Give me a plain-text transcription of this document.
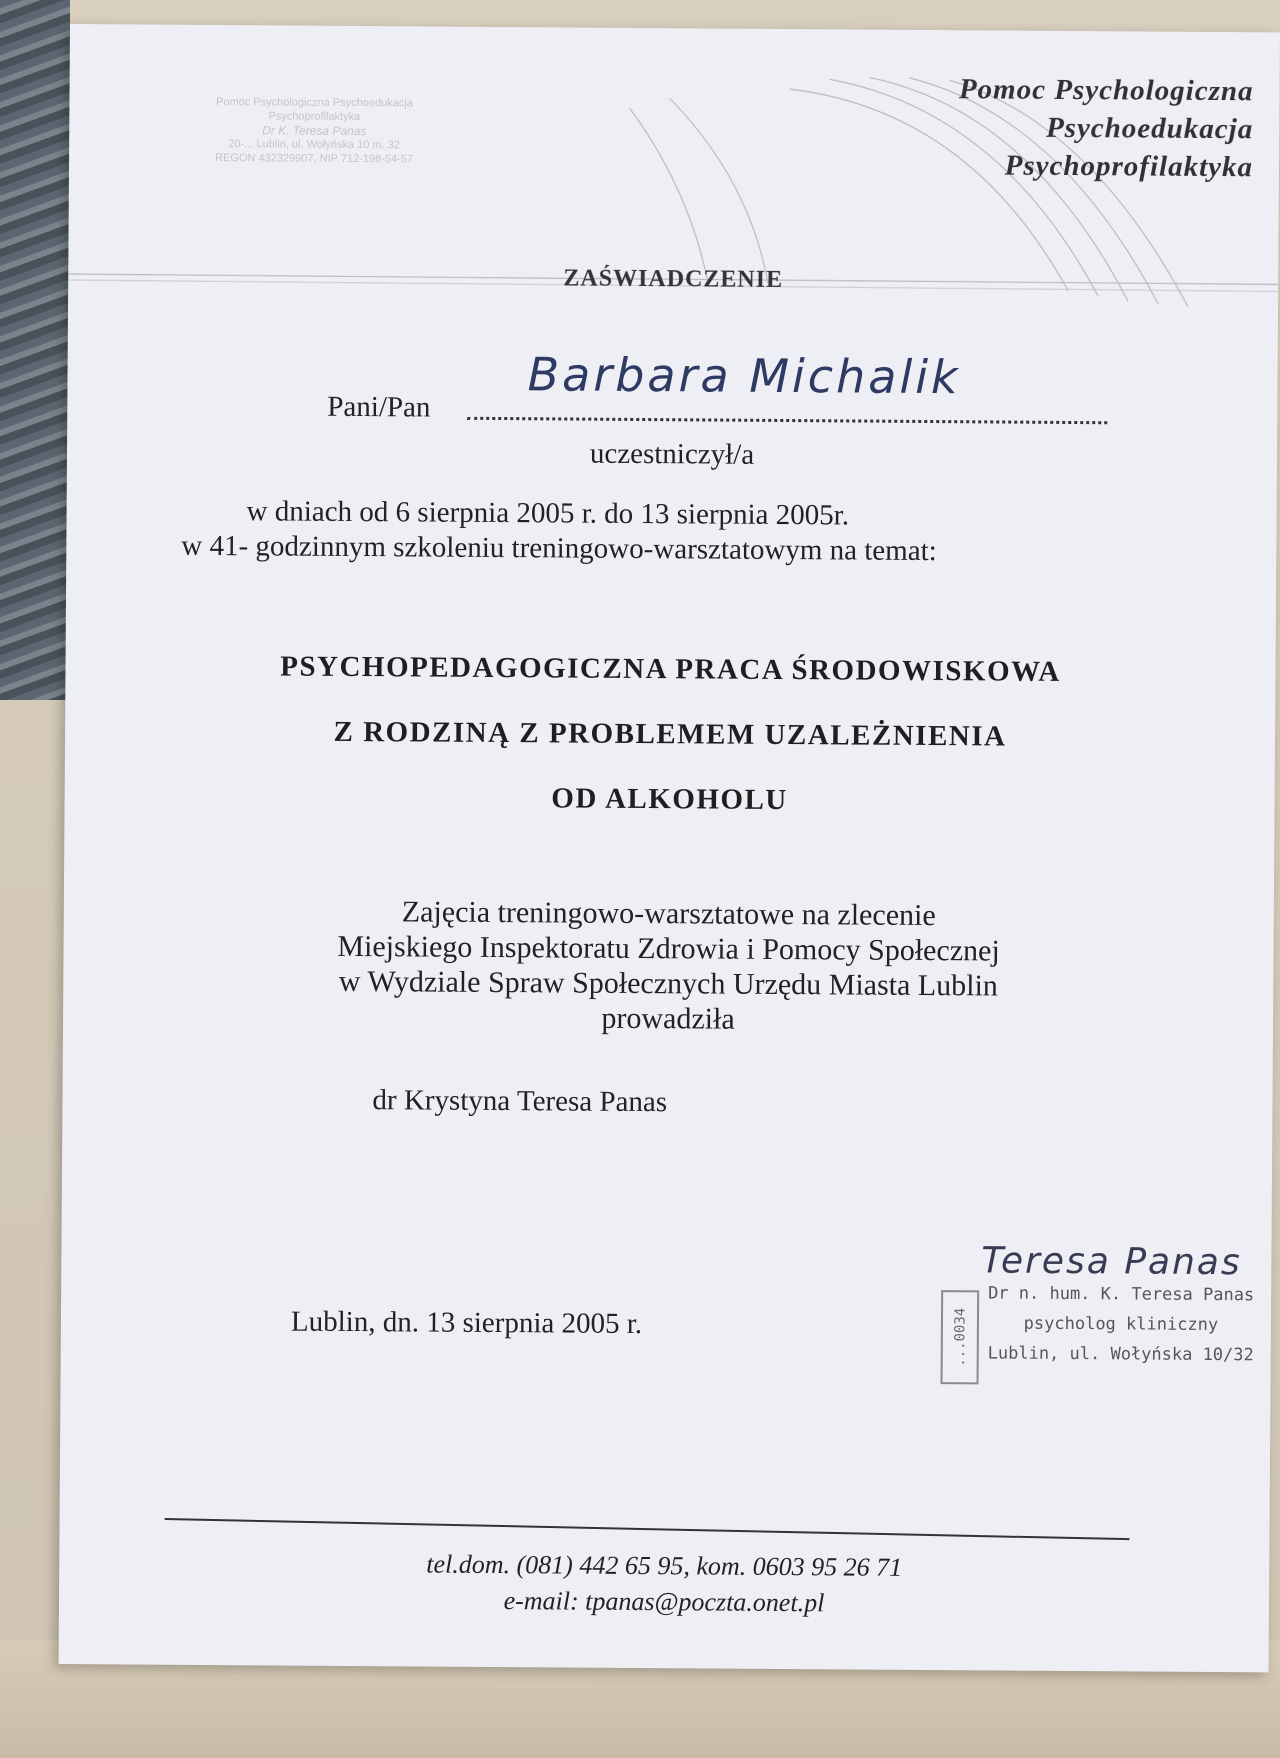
Pomoc Psychologiczna
Psychoedukacja
Psychoprofilaktyka
Pomoc Psychologiczna Psychoedukacja
Psychoprofilaktyka
Dr K. Teresa Panas
20-... Lublin, ul. Wołyńska 10 m. 32
REGON 432329907, NIP 712-198-54-57
ZAŚWIADCZENIE
Pani/Pan
Barbara Michalik
uczestniczył/a
w dniach od 6 sierpnia 2005 r. do 13 sierpnia 2005r.
w 41- godzinnym szkoleniu treningowo-warsztatowym na temat:
PSYCHOPEDAGOGICZNA PRACA ŚRODOWISKOWA
Z RODZINĄ Z PROBLEMEM UZALEŻNIENIA
OD ALKOHOLU
Zajęcia treningowo-warsztatowe na zlecenie
Miejskiego Inspektoratu Zdrowia i Pomocy Społecznej
w Wydziale Spraw Społecznych Urzędu Miasta Lublin
prowadziła
dr Krystyna Teresa Panas
Teresa Panas
...0034
Dr n. hum. K. Teresa Panas
psycholog kliniczny
Lublin, ul. Wołyńska 10/32
Lublin, dn. 13 sierpnia 2005 r.
tel.dom. (081) 442 65 95, kom. 0603 95 26 71
e-mail: tpanas@poczta.onet.pl
